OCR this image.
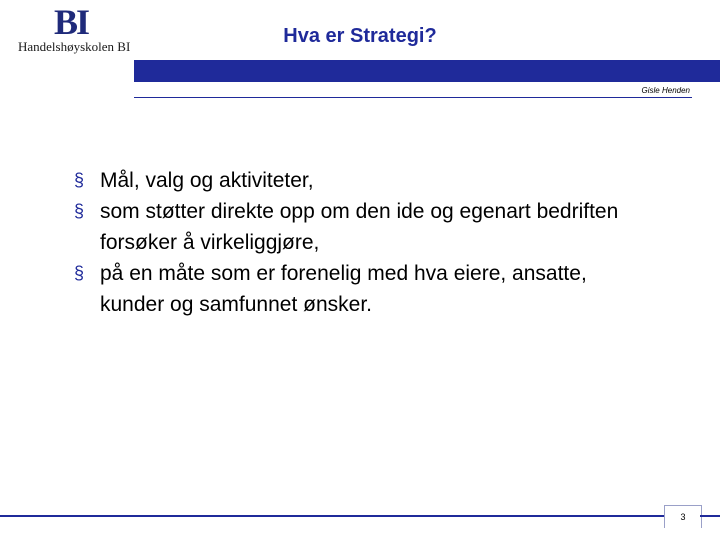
BI
Handelshøyskolen BI	Hva er Strategi?
Gisle Henden
§ Mål, valg og aktiviteter,
§ som støtter direkte opp om den ide og egenart bedriften forsøker å virkeliggjøre,
§ på en måte som er forenelig med hva eiere, ansatte, kunder og samfunnet ønsker.
3
